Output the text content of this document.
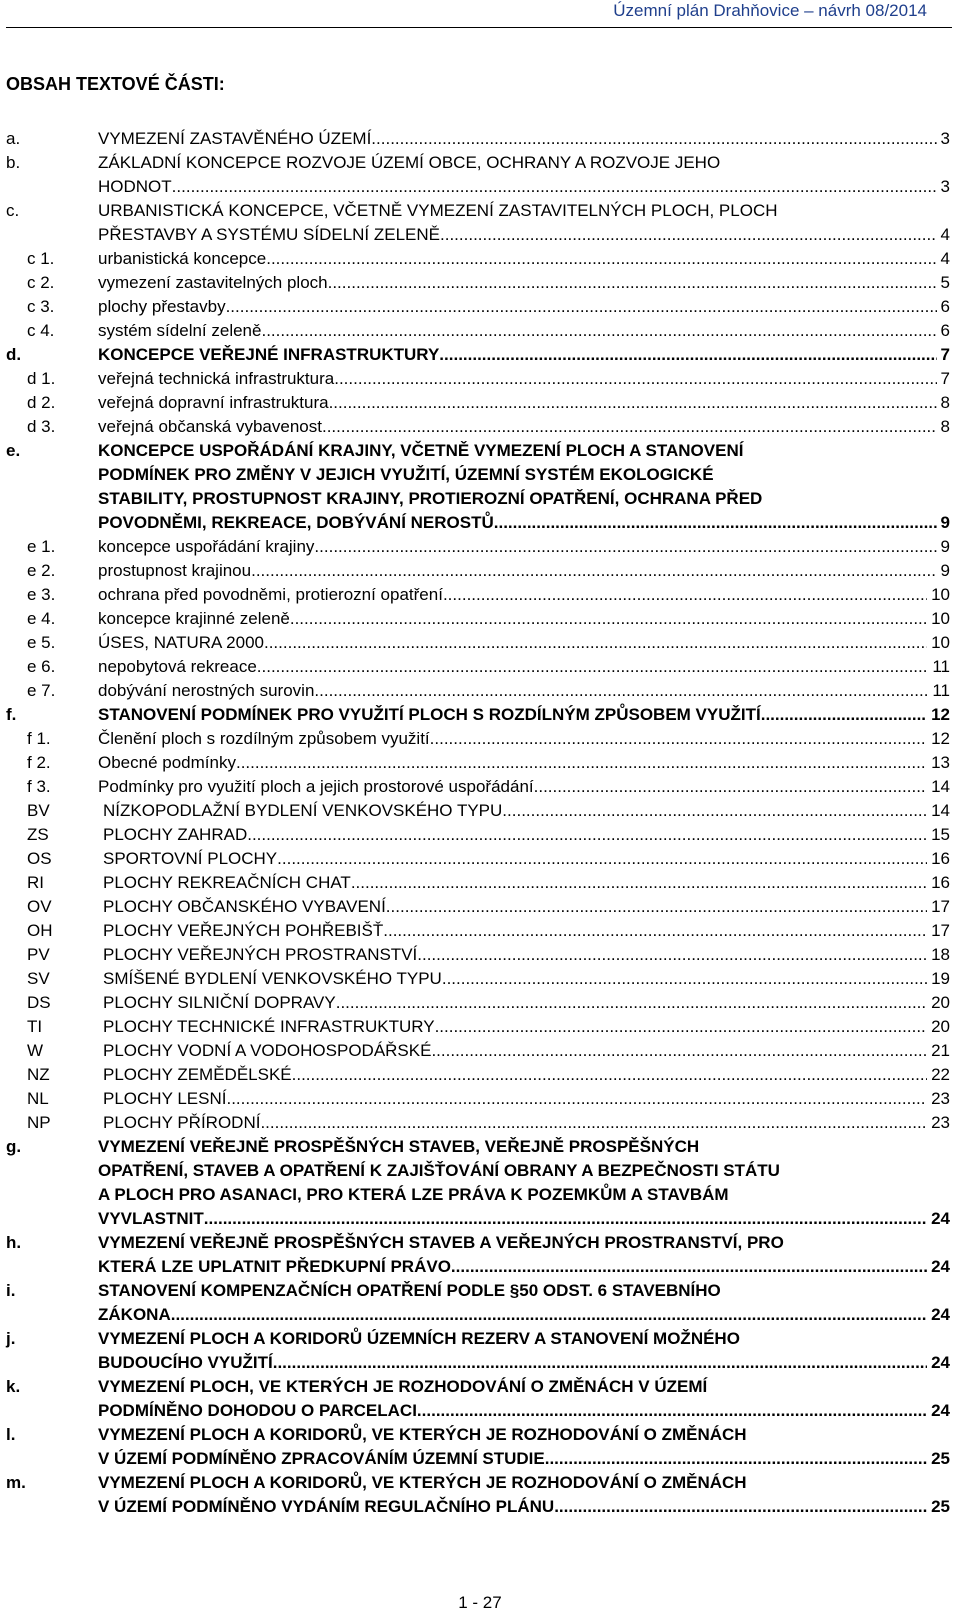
Územní plán Drahňovice – návrh 08/2014
OBSAH TEXTOVÉ ČÁSTI:
a.	VYMEZENÍ ZASTAVĚNÉHO ÚZEMÍ .....	3
b.	ZÁKLADNÍ KONCEPCE ROZVOJE ÚZEMÍ OBCE, OCHRANY A ROZVOJE JEHO
HODNOT .....	3
c.	URBANISTICKÁ KONCEPCE, VČETNĚ VYMEZENÍ ZASTAVITELNÝCH PLOCH, PLOCH
PŘESTAVBY A SYSTÉMU SÍDELNÍ ZELENĚ .....	4
c 1.	urbanistická koncepce .....	4
c 2.	vymezení zastavitelných ploch .....	5
c 3.	plochy přestavby .....	6
c 4.	systém sídelní zeleně .....	6
d.	KONCEPCE VEŘEJNÉ INFRASTRUKTURY .....	7
d 1.	veřejná technická infrastruktura .....	7
d 2.	veřejná dopravní infrastruktura .....	8
d 3.	veřejná občanská vybavenost .....	8
e.	KONCEPCE USPOŘÁDÁNÍ KRAJINY, VČETNĚ VYMEZENÍ PLOCH A STANOVENÍ
PODMÍNEK PRO ZMĚNY V JEJICH VYUŽITÍ, ÚZEMNÍ SYSTÉM EKOLOGICKÉ
STABILITY, PROSTUPNOST KRAJINY, PROTIEROZNÍ OPATŘENÍ, OCHRANA PŘED
POVODNĚMI, REKREACE, DOBÝVÁNÍ NEROSTŮ .....	9
e 1.	koncepce uspořádání krajiny .....	9
e 2.	prostupnost krajinou .....	9
e 3.	ochrana před povodněmi, protierozní opatření .....	10
e 4.	koncepce krajinné zeleně .....	10
e 5.	ÚSES, NATURA 2000 .....	10
e 6.	nepobytová rekreace .....	11
e 7.	dobývání nerostných surovin .....	11
f.	STANOVENÍ PODMÍNEK PRO VYUŽITÍ PLOCH S ROZDÍLNÝM ZPŮSOBEM VYUŽITÍ .....	12
f 1.	Členění ploch s rozdílným způsobem využití .....	12
f 2.	Obecné podmínky .....	13
f 3.	Podmínky pro využití ploch a jejich prostorové uspořádání .....	14
BV	NÍZKOPODLAŽNÍ BYDLENÍ VENKOVSKÉHO TYPU .....	14
ZS	PLOCHY ZAHRAD .....	15
OS	SPORTOVNÍ PLOCHY .....	16
RI	PLOCHY REKREAČNÍCH CHAT .....	16
OV	PLOCHY OBČANSKÉHO VYBAVENÍ .....	17
OH	PLOCHY VEŘEJNÝCH POHŘEBIŠŤ .....	17
PV	PLOCHY VEŘEJNÝCH PROSTRANSTVÍ .....	18
SV	SMÍŠENÉ BYDLENÍ VENKOVSKÉHO TYPU .....	19
DS	PLOCHY SILNIČNÍ DOPRAVY .....	20
TI	PLOCHY TECHNICKÉ INFRASTRUKTURY .....	20
W	PLOCHY VODNÍ A VODOHOSPODÁŘSKÉ .....	21
NZ	PLOCHY ZEMĚDĚLSKÉ .....	22
NL	PLOCHY LESNÍ .....	23
NP	PLOCHY PŘÍRODNÍ .....	23
g.	VYMEZENÍ VEŘEJNĚ PROSPĚŠNÝCH STAVEB, VEŘEJNĚ PROSPĚŠNÝCH
OPATŘENÍ, STAVEB A OPATŘENÍ K ZAJIŠŤOVÁNÍ OBRANY A BEZPEČNOSTI STÁTU
A PLOCH PRO ASANACI, PRO KTERÁ LZE PRÁVA K POZEMKŮM A STAVBÁM
VYVLASTNIT .....	24
h.	VYMEZENÍ VEŘEJNĚ PROSPĚŠNÝCH STAVEB A VEŘEJNÝCH PROSTRANSTVÍ, PRO
KTERÁ LZE UPLATNIT PŘEDKUPNÍ PRÁVO .....	24
i.	STANOVENÍ KOMPENZAČNÍCH OPATŘENÍ PODLE §50 ODST. 6 STAVEBNÍHO
ZÁKONA .....	24
j.	VYMEZENÍ PLOCH A KORIDORŮ ÚZEMNÍCH REZERV A STANOVENÍ MOŽNÉHO
BUDOUCÍHO VYUŽITÍ .....	24
k.	VYMEZENÍ PLOCH, VE KTERÝCH JE ROZHODOVÁNÍ O ZMĚNÁCH V ÚZEMÍ
PODMÍNĚNO DOHODOU O PARCELACI .....	24
l.	VYMEZENÍ PLOCH A KORIDORŮ, VE KTERÝCH JE ROZHODOVÁNÍ O ZMĚNÁCH
V ÚZEMÍ PODMÍNĚNO ZPRACOVÁNÍM ÚZEMNÍ STUDIE .....	25
m.	VYMEZENÍ PLOCH A KORIDORŮ, VE KTERÝCH JE ROZHODOVÁNÍ O ZMĚNÁCH
V ÚZEMÍ PODMÍNĚNO VYDÁNÍM REGULAČNÍHO PLÁNU .....	25
1 - 27
